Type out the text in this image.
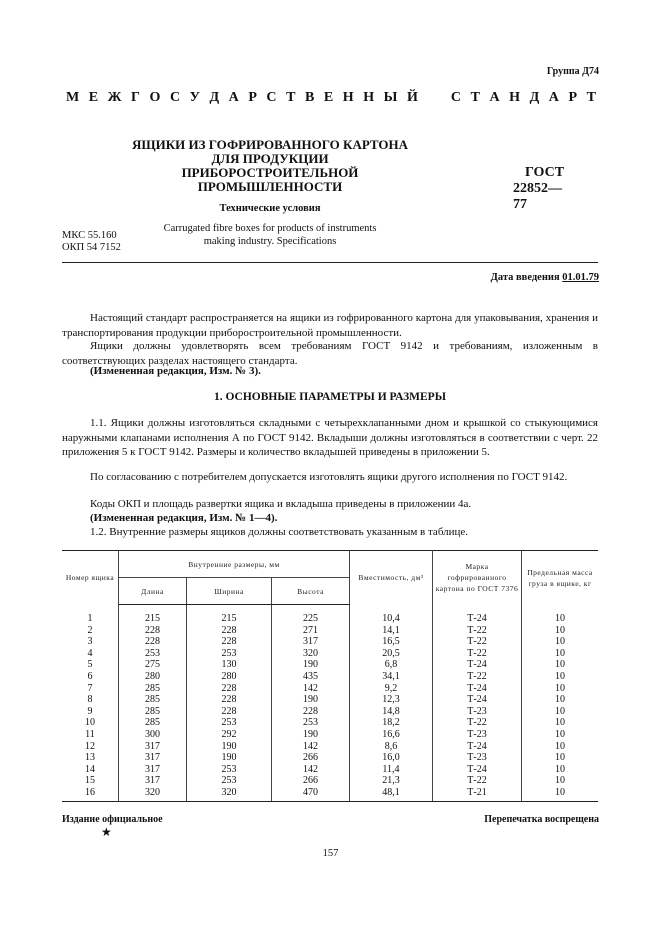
Группа Д74
М Е Ж Г О С У Д А Р С Т В Е Н Н Ы Й С Т А Н Д А Р Т
ЯЩИКИ ИЗ ГОФРИРОВАННОГО КАРТОНА
ДЛЯ ПРОДУКЦИИ
ПРИБОРОСТРОИТЕЛЬНОЙ ПРОМЫШЛЕННОСТИ
Технические условия
Carrugated fibre boxes for products of instruments
making industry. Specifications
ГОСТ
22852—77
МКС 55.160
ОКП 54 7152
Дата введения 01.01.79
Настоящий стандарт распространяется на ящики из гофрированного картона для упаковывания, хранения и транспортирования продукции приборостроительной промышленности.
Ящики должны удовлетворять всем требованиям ГОСТ 9142 и требованиям, изложенным в соответствующих разделах настоящего стандарта.
(Измененная редакция, Изм. № 3).
1. ОСНОВНЫЕ ПАРАМЕТРЫ И РАЗМЕРЫ
1.1. Ящики должны изготовляться складными с четырехклапанными дном и крышкой со стыкующимися наружными клапанами исполнения А по ГОСТ 9142. Вкладыши должны изготовляться в соответствии с черт. 22 приложения 5 к ГОСТ 9142. Размеры и количество вкладышей приведены в приложении 5.
По согласованию с потребителем допускается изготовлять ящики другого исполнения по ГОСТ 9142.
Коды ОКП и площадь развертки ящика и вкладыша приведены в приложении 4а.
(Измененная редакция, Изм. № 1—4).
1.2. Внутренние размеры ящиков должны соответствовать указанным в таблице.
Номер ящика	Внутренние размеры, мм			Вместимость, дм³	Марка гофрированного картона по ГОСТ 7376	Предельная масса груза в ящике, кг
	Длина	Ширина	Высота			
1	215	215	225	10,4	Т-24	10
2	228	228	271	14,1	Т-22	10
3	228	228	317	16,5	Т-22	10
4	253	253	320	20,5	Т-22	10
5	275	130	190	6,8	Т-24	10
6	280	280	435	34,1	Т-22	10
7	285	228	142	9,2	Т-24	10
8	285	228	190	12,3	Т-24	10
9	285	228	228	14,8	Т-23	10
10	285	253	253	18,2	Т-22	10
11	300	292	190	16,6	Т-23	10
12	317	190	142	8,6	Т-24	10
13	317	190	266	16,0	Т-23	10
14	317	253	142	11,4	Т-24	10
15	317	253	266	21,3	Т-22	10
16	320	320	470	48,1	Т-21	10
Издание официальное
★
Перепечатка воспрещена
157
